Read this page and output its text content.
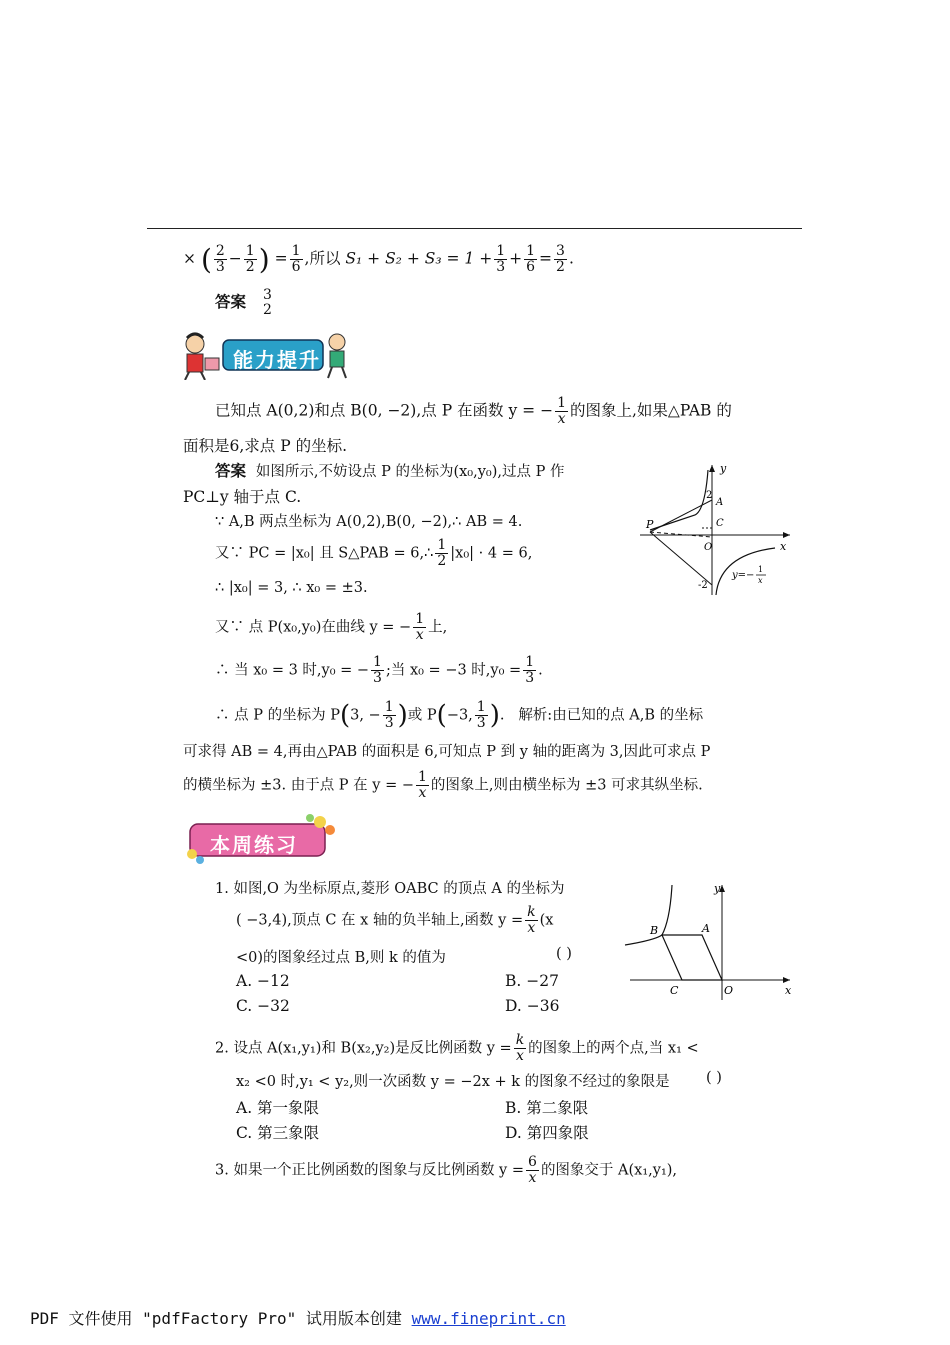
× ( $\frac{2}{3} - \frac{1}{2}$ ) = $\frac{1}{6}$ ,所以 $S_1 + S_2 + S_3 = 1 + \frac{1}{3} + \frac{1}{6} = \frac{3}{2}$ .
答案 3
2
能力提升
已知点 A(0,2)和点 B(0, −2),点 P 在函数 y = − $\frac{1}{x}$ 的图象上,如果△PAB 的
面积是6,求点 P 的坐标.
答案 如图所示,不妨设点 P 的坐标为(x₀,y₀),过点 P 作
PC⊥y 轴于点 C.
∵ A,B 两点坐标为 A(0,2),B(0, −2),∴ AB = 4.
又∵ PC = |x₀| 且 S△PAB = 6,∴ $\frac{1}{2} |x_0| \cdot 4 = 6$,
∴ |x₀| = 3, ∴ x₀ = ±3.
又∵ 点 P(x₀,y₀)在曲线 y = − $\frac{1}{x}$ 上,
∴ 当 x₀ = 3 时,y₀ = − $\frac{1}{3}$ ;当 x₀ = −3 时$,y_0 = \frac{1}{3}$ .
∴ 点 P 的坐标为 P(3, − $\frac{1}{3}$ )或 P(−3, $\frac{1}{3}$ ). 解析:由已知的点 A,B 的坐标
可求得 AB = 4,再由△PAB 的面积是 6,可知点 P 到 y 轴的距离为 3,因此可求点 P
的横坐标为 ±3. 由于点 P 在 y = − $\frac{1}{x}$ 的图象上,则由横坐标为 ±3 可求其纵坐标.
y
x
A
C
O
P
2
-2
y=−
1
x
本周练习
1. 如图,O 为坐标原点,菱形 OABC 的顶点 A 的坐标为
( −3,4),顶点 C 在 x 轴的负半轴上,函数 $y = \frac{k}{x} (x$
<0)的图象经过点 B,则 k 的值为	( )
A. −12	B. −27
C. −32	D. −36
y
x
B	A
C	O
2. 设点 A(x₁,y₁)和 B(x₂,y₂)是反比例函数 $y = \frac{k}{x}$ 的图象上的两个点,当 x₁ <
x₂ <0 时,y₁ < y₂,则一次函数 y = −2x + k 的图象不经过的象限是	( )
A. 第一象限	B. 第二象限
C. 第三象限	D. 第四象限
3. 如果一个正比例函数的图象与反比例函数 $y = \frac{6}{x}$ 的图象交于 A(x₁,y₁),
PDF 文件使用 "pdfFactory Pro" 试用版本创建 www.fineprint.cn
